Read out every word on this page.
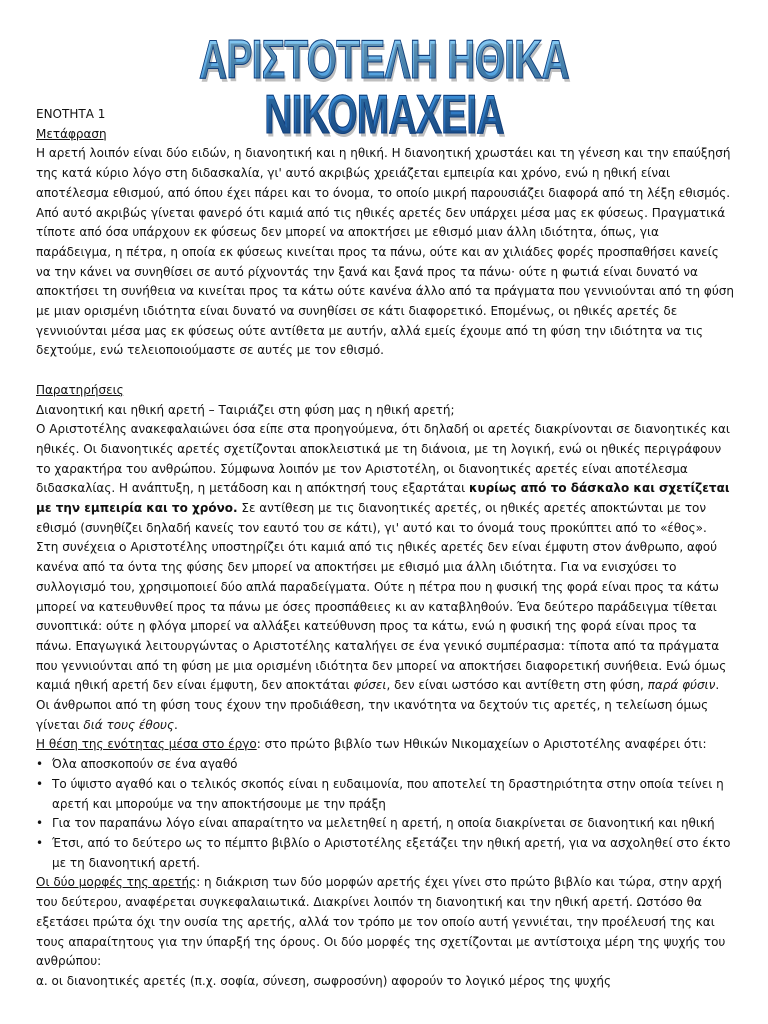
ΑΡΙΣΤΟΤΕΛΗ ΗΘΙΚΑ ΝΙΚΟΜΑΧΕΙΑ

ΕΝΟΤΗΤΑ 1

Μετάφραση

Η αρετή λοιπόν είναι δύο ειδών, η διανοητική και η ηθική. Η διανοητική χρωστάει και τη γένεση και την επαύξησή της κατά κύριο λόγο στη διδασκαλία, γι' αυτό ακριβώς χρειάζεται εμπειρία και χρόνο, ενώ η ηθική είναι αποτέλεσμα εθισμού, από όπου έχει πάρει και το όνομα, το οποίο μικρή παρουσιάζει διαφορά από τη λέξη εθισμός. Από αυτό ακριβώς γίνεται φανερό ότι καμιά από τις ηθικές αρετές δεν υπάρχει μέσα μας εκ φύσεως. Πραγματικά τίποτε από όσα υπάρχουν εκ φύσεως δεν μπορεί να αποκτήσει με εθισμό μιαν άλλη ιδιότητα, όπως, για παράδειγμα, η πέτρα, η οποία εκ φύσεως κινείται προς τα πάνω, ούτε και αν χιλιάδες φορές προσπαθήσει κανείς να την κάνει να συνηθίσει σε αυτό ρίχνοντάς την ξανά και ξανά προς τα πάνω· ούτε η φωτιά είναι δυνατό να αποκτήσει τη συνήθεια να κινείται προς τα κάτω ούτε κανένα άλλο από τα πράγματα που γεννιούνται από τη φύση με μιαν ορισμένη ιδιότητα είναι δυνατό να συνηθίσει σε κάτι διαφορετικό. Επομένως, οι ηθικές αρετές δε γεννιούνται μέσα μας εκ φύσεως ούτε αντίθετα με αυτήν, αλλά εμείς έχουμε από τη φύση την ιδιότητα να τις δεχτούμε, ενώ τελειοποιούμαστε σε αυτές με τον εθισμό.

Παρατηρήσεις

Διανοητική και ηθική αρετή – Ταιριάζει στη φύση μας η ηθική αρετή;

Ο Αριστοτέλης ανακεφαλαιώνει όσα είπε στα προηγούμενα, ότι δηλαδή οι αρετές διακρίνονται σε διανοητικές και ηθικές. Οι διανοητικές αρετές σχετίζονται αποκλειστικά με τη διάνοια, με τη λογική, ενώ οι ηθικές περιγράφουν το χαρακτήρα του ανθρώπου. Σύμφωνα λοιπόν με τον Αριστοτέλη, οι διανοητικές αρετές είναι αποτέλεσμα διδασκαλίας. Η ανάπτυξη, η μετάδοση και η απόκτησή τους εξαρτάται κυρίως από το δάσκαλο και σχετίζεται με την εμπειρία και το χρόνο. Σε αντίθεση με τις διανοητικές αρετές, οι ηθικές αρετές αποκτώνται με τον εθισμό (συνηθίζει δηλαδή κανείς τον εαυτό του σε κάτι), γι' αυτό και το όνομά τους προκύπτει από το «έθος».

Στη συνέχεια ο Αριστοτέλης υποστηρίζει ότι καμιά από τις ηθικές αρετές δεν είναι έμφυτη στον άνθρωπο, αφού κανένα από τα όντα της φύσης δεν μπορεί να αποκτήσει με εθισμό μια άλλη ιδιότητα. Για να ενισχύσει το συλλογισμό του, χρησιμοποιεί δύο απλά παραδείγματα. Ούτε η πέτρα που η φυσική της φορά είναι προς τα κάτω μπορεί να κατευθυνθεί προς τα πάνω με όσες προσπάθειες κι αν καταβληθούν. Ένα δεύτερο παράδειγμα τίθεται συνοπτικά: ούτε η φλόγα μπορεί να αλλάξει κατεύθυνση προς τα κάτω, ενώ η φυσική της φορά είναι προς τα πάνω. Επαγωγικά λειτουργώντας ο Αριστοτέλης καταλήγει σε ένα γενικό συμπέρασμα: τίποτα από τα πράγματα που γεννιούνται από τη φύση με μια ορισμένη ιδιότητα δεν μπορεί να αποκτήσει διαφορετική συνήθεια. Ενώ όμως καμιά ηθική αρετή δεν είναι έμφυτη, δεν αποκτάται φύσει, δεν είναι ωστόσο και αντίθετη στη φύση, παρά φύσιν. Οι άνθρωποι από τη φύση τους έχουν την προδιάθεση, την ικανότητα να δεχτούν τις αρετές, η τελείωση όμως γίνεται διά τους έθους.

Η θέση της ενότητας μέσα στο έργο: στο πρώτο βιβλίο των Ηθικών Νικομαχείων ο Αριστοτέλης αναφέρει ότι:

• Όλα αποσκοπούν σε ένα αγαθό
• Το ύψιστο αγαθό και ο τελικός σκοπός είναι η ευδαιμονία, που αποτελεί τη δραστηριότητα στην οποία τείνει η αρετή και μπορούμε να την αποκτήσουμε με την πράξη
• Για τον παραπάνω λόγο είναι απαραίτητο να μελετηθεί η αρετή, η οποία διακρίνεται σε διανοητική και ηθική
• Έτσι, από το δεύτερο ως το πέμπτο βιβλίο ο Αριστοτέλης εξετάζει την ηθική αρετή, για να ασχοληθεί στο έκτο με τη διανοητική αρετή.

Οι δύο μορφές της αρετής: η διάκριση των δύο μορφών αρετής έχει γίνει στο πρώτο βιβλίο και τώρα, στην αρχή του δεύτερου, αναφέρεται συγκεφαλαιωτικά. Διακρίνει λοιπόν τη διανοητική και την ηθική αρετή. Ωστόσο θα εξετάσει πρώτα όχι την ουσία της αρετής, αλλά τον τρόπο με τον οποίο αυτή γεννιέται, την προέλευσή της και τους απαραίτητους για την ύπαρξή της όρους. Οι δύο μορφές της σχετίζονται με αντίστοιχα μέρη της ψυχής του ανθρώπου:

α. οι διανοητικές αρετές (π.χ. σοφία, σύνεση, σωφροσύνη) αφορούν το λογικό μέρος της ψυχής
